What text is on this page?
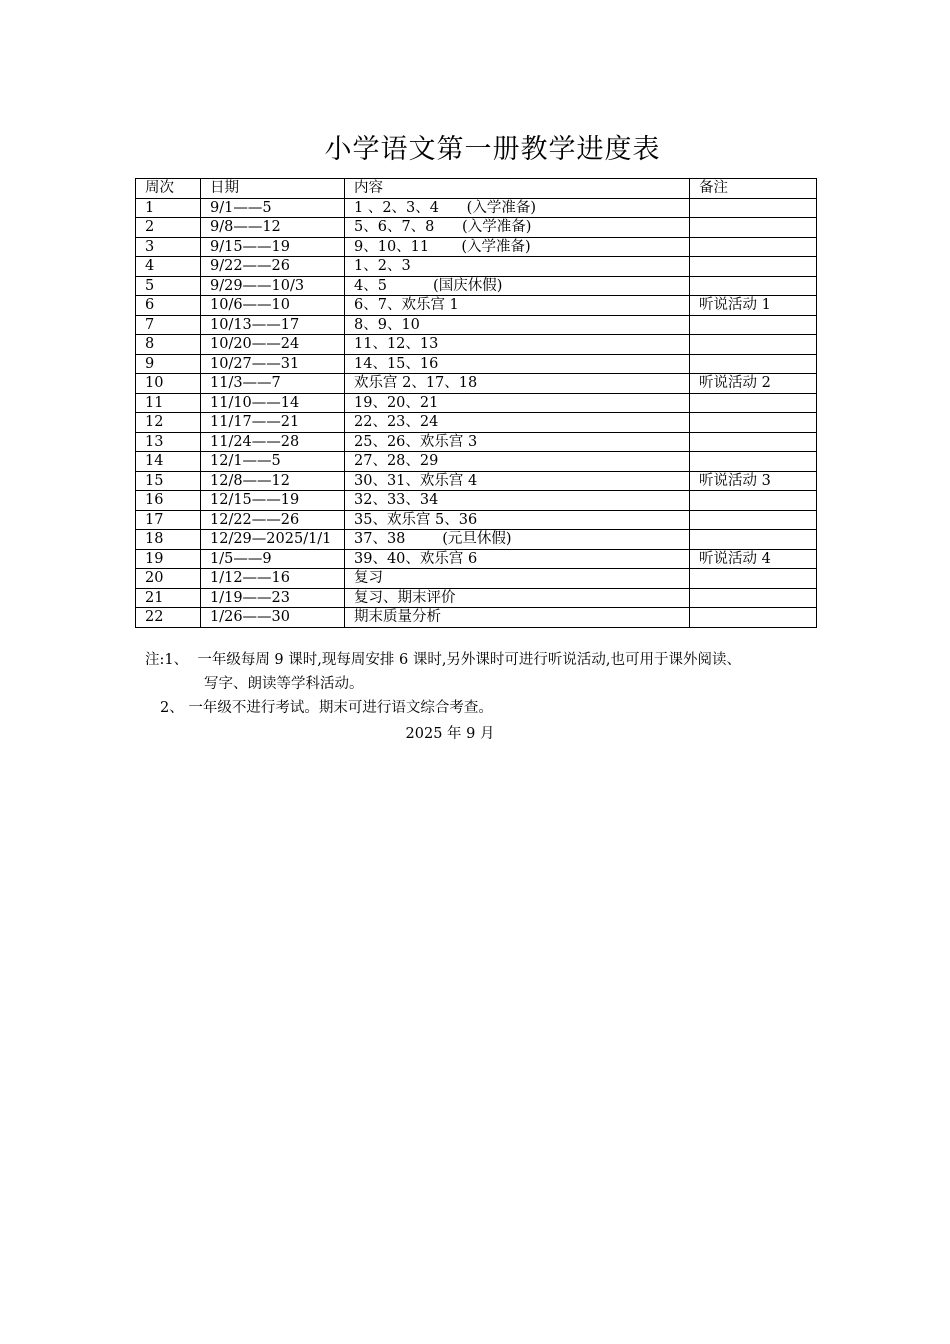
小学语文第一册教学进度表
周次	日期	内容	备注
1	9/1——5	1 、2、3、4      (入学准备)	
2	9/8——12	5、6、7、8      (入学准备)	
3	9/15——19	9、10、11       (入学准备)	
4	9/22——26	1、2、3	
5	9/29——10/3	4、5          (国庆休假)	
6	10/6——10	6、7、欢乐宫 1	听说活动 1
7	10/13——17	8、9、10	
8	10/20——24	11、12、13	
9	10/27——31	14、15、16	
10	11/3——7	欢乐宫 2、17、18	听说活动 2
11	11/10——14	19、20、21	
12	11/17——21	22、23、24	
13	11/24——28	25、26、欢乐宫 3	
14	12/1——5	27、28、29	
15	12/8——12	30、31、欢乐宫 4	听说活动 3
16	12/15——19	32、33、34	
17	12/22——26	35、欢乐宫 5、36	
18	12/29—2025/1/1	37、38        (元旦休假)	
19	1/5——9	39、40、欢乐宫 6	听说活动 4
20	1/12——16	复习	
21	1/19——23	复习、期末评价	
22	1/26——30	期末质量分析	
注:1、  一年级每周 9 课时,现每周安排 6 课时,另外课时可进行听说活动,也可用于课外阅读、
写字、朗读等学科活动。
2、 一年级不进行考试。期末可进行语文综合考查。
2025 年 9 月
